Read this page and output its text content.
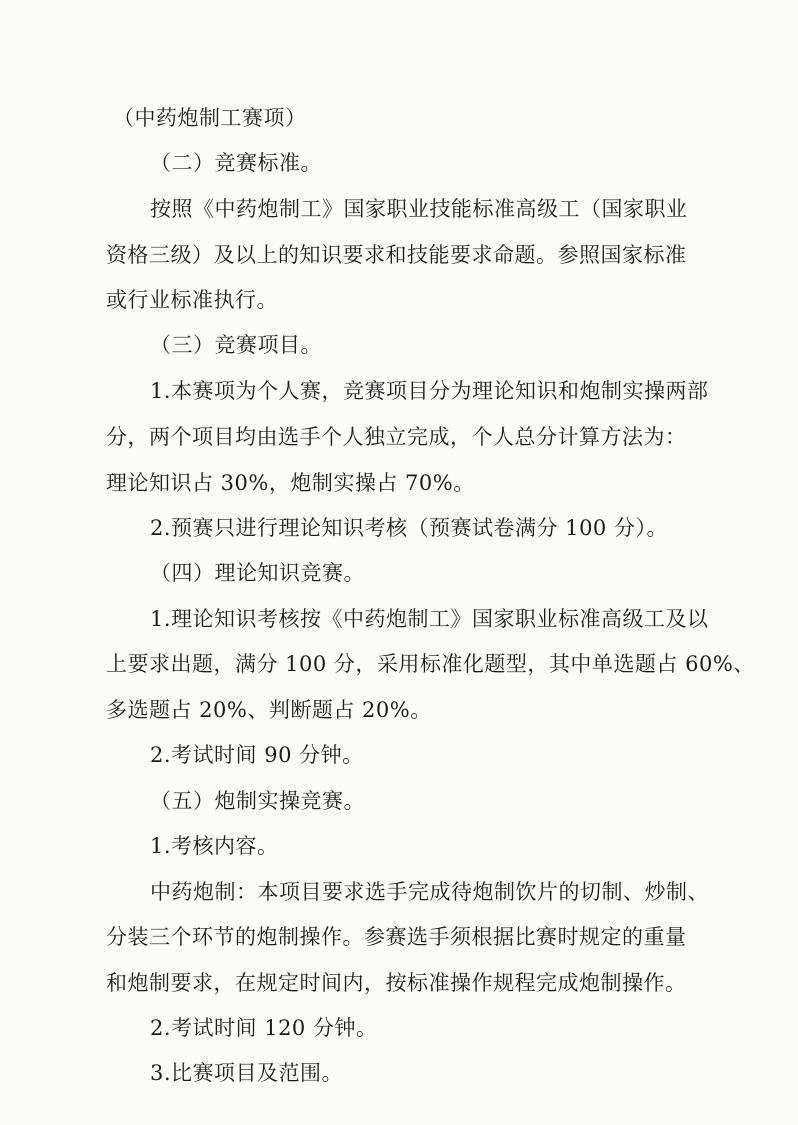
（中药炮制工赛项）
（二）竞赛标准。
按照《中药炮制工》国家职业技能标准高级工（国家职业
资格三级）及以上的知识要求和技能要求命题。参照国家标准
或行业标准执行。
（三）竞赛项目。
1.本赛项为个人赛，竞赛项目分为理论知识和炮制实操两部
分，两个项目均由选手个人独立完成，个人总分计算方法为：
理论知识占 30%，炮制实操占 70%。
2.预赛只进行理论知识考核（预赛试卷满分 100 分）。
（四）理论知识竞赛。
1.理论知识考核按《中药炮制工》国家职业标准高级工及以
上要求出题，满分 100 分，采用标准化题型，其中单选题占 60%、
多选题占 20%、判断题占 20%。
2.考试时间 90 分钟。
（五）炮制实操竞赛。
1.考核内容。
中药炮制：本项目要求选手完成待炮制饮片的切制、炒制、
分装三个环节的炮制操作。参赛选手须根据比赛时规定的重量
和炮制要求，在规定时间内，按标准操作规程完成炮制操作。
2.考试时间 120 分钟。
3.比赛项目及范围。
